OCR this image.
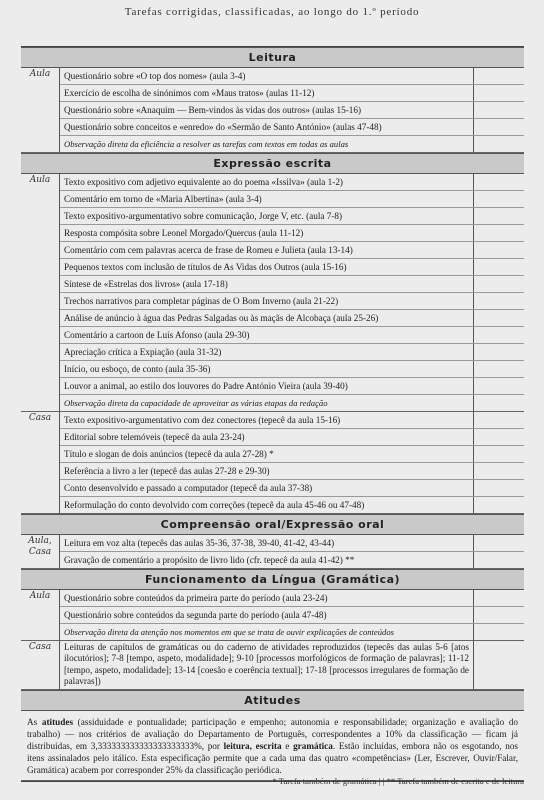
Tarefas corrigidas, classificadas, ao longo do 1.º período
Leitura
Aula	Questionário sobre «O top dos nomes» (aula 3-4)
Exercício de escolha de sinónimos com «Maus tratos» (aulas 11-12)
Questionário sobre «Anaquim — Bem-vindos às vidas dos outros» (aulas 15-16)
Questionário sobre conceitos e «enredo» do «Sermão de Santo António» (aulas 47-48)
Observação direta da eficiência a resolver as tarefas com textos em todas as aulas
Expressão escrita
Aula	Texto expositivo com adjetivo equivalente ao do poema «Issilva» (aula 1-2)
Comentário em torno de «Maria Albertina» (aula 3-4)
Texto expositivo-argumentativo sobre comunicação, Jorge V, etc. (aula 7-8)
Resposta compósita sobre Leonel Morgado/Quercus (aula 11-12)
Comentário com cem palavras acerca de frase de Romeu e Julieta (aula 13-14)
Pequenos textos com inclusão de títulos de As Vidas dos Outros (aula 15-16)
Síntese de «Estrelas dos livros» (aula 17-18)
Trechos narrativos para completar páginas de O Bom Inverno (aula 21-22)
Análise de anúncio à água das Pedras Salgadas ou às maçãs de Alcobaça (aula 25-26)
Comentário a cartoon de Luís Afonso (aula 29-30)
Apreciação crítica a Expiação (aula 31-32)
Início, ou esboço, de conto (aula 35-36)
Louvor a animal, ao estilo dos louvores do Padre António Vieira (aula 39-40)
Observação direta da capacidade de aproveitar as várias etapas da redação
Casa	Texto expositivo-argumentativo com dez conectores (tepecê da aula 15-16)
Editorial sobre telemóveis (tepecê da aula 23-24)
Título e slogan de dois anúncios (tepecê da aula 27-28) *
Referência a livro a ler (tepecê das aulas 27-28 e 29-30)
Conto desenvolvido e passado a computador (tepecê da aula 37-38)
Reformulação do conto devolvido com correções (tepecê da aula 45-46 ou 47-48)
Compreensão oral/Expressão oral
Aula, Casa
Leitura em voz alta (tepecês das aulas 35-36, 37-38, 39-40, 41-42, 43-44)
Gravação de comentário a propósito de livro lido (cfr. tepecê da aula 41-42) **
Funcionamento da Língua (Gramática)
Aula	Questionário sobre conteúdos da primeira parte do período (aula 23-24)
Questionário sobre conteúdos da segunda parte do período (aula 47-48)
Observação direta da atenção nos momentos em que se trata de ouvir explicações de conteúdos
Casa	Leituras de capítulos de gramáticas ou do caderno de atividades reproduzidos (tepecês das aulas 5-6 [atos ilocutórios]; 7-8 [tempo, aspeto, modalidade]; 9-10 [processos morfológicos de formação de palavras]; 11-12 [tempo, aspeto, modalidade]; 13-14 [coesão e coerência textual]; 17-18 [processos irregulares de formação de palavras])
Atitudes
As atitudes (assiduidade e pontualidade; participação e empenho; autonomia e responsabilidade; organização e avaliação do trabalho) — nos critérios de avaliação do Departamento de Português, correspondentes a 10% da classificação — ficam já distribuídas, em 3,333333333333333333333%, por leitura, escrita e gramática. Estão incluídas, embora não os esgotando, nos itens assinalados pelo itálico. Esta especificação permite que a cada uma das quatro «competências» (Ler, Escrever, Ouvir/Falar, Gramática) acabem por corresponder 25% da classificação periódica.
* Tarefa também de gramática | | ** Tarefa também de escrita e de leitura
